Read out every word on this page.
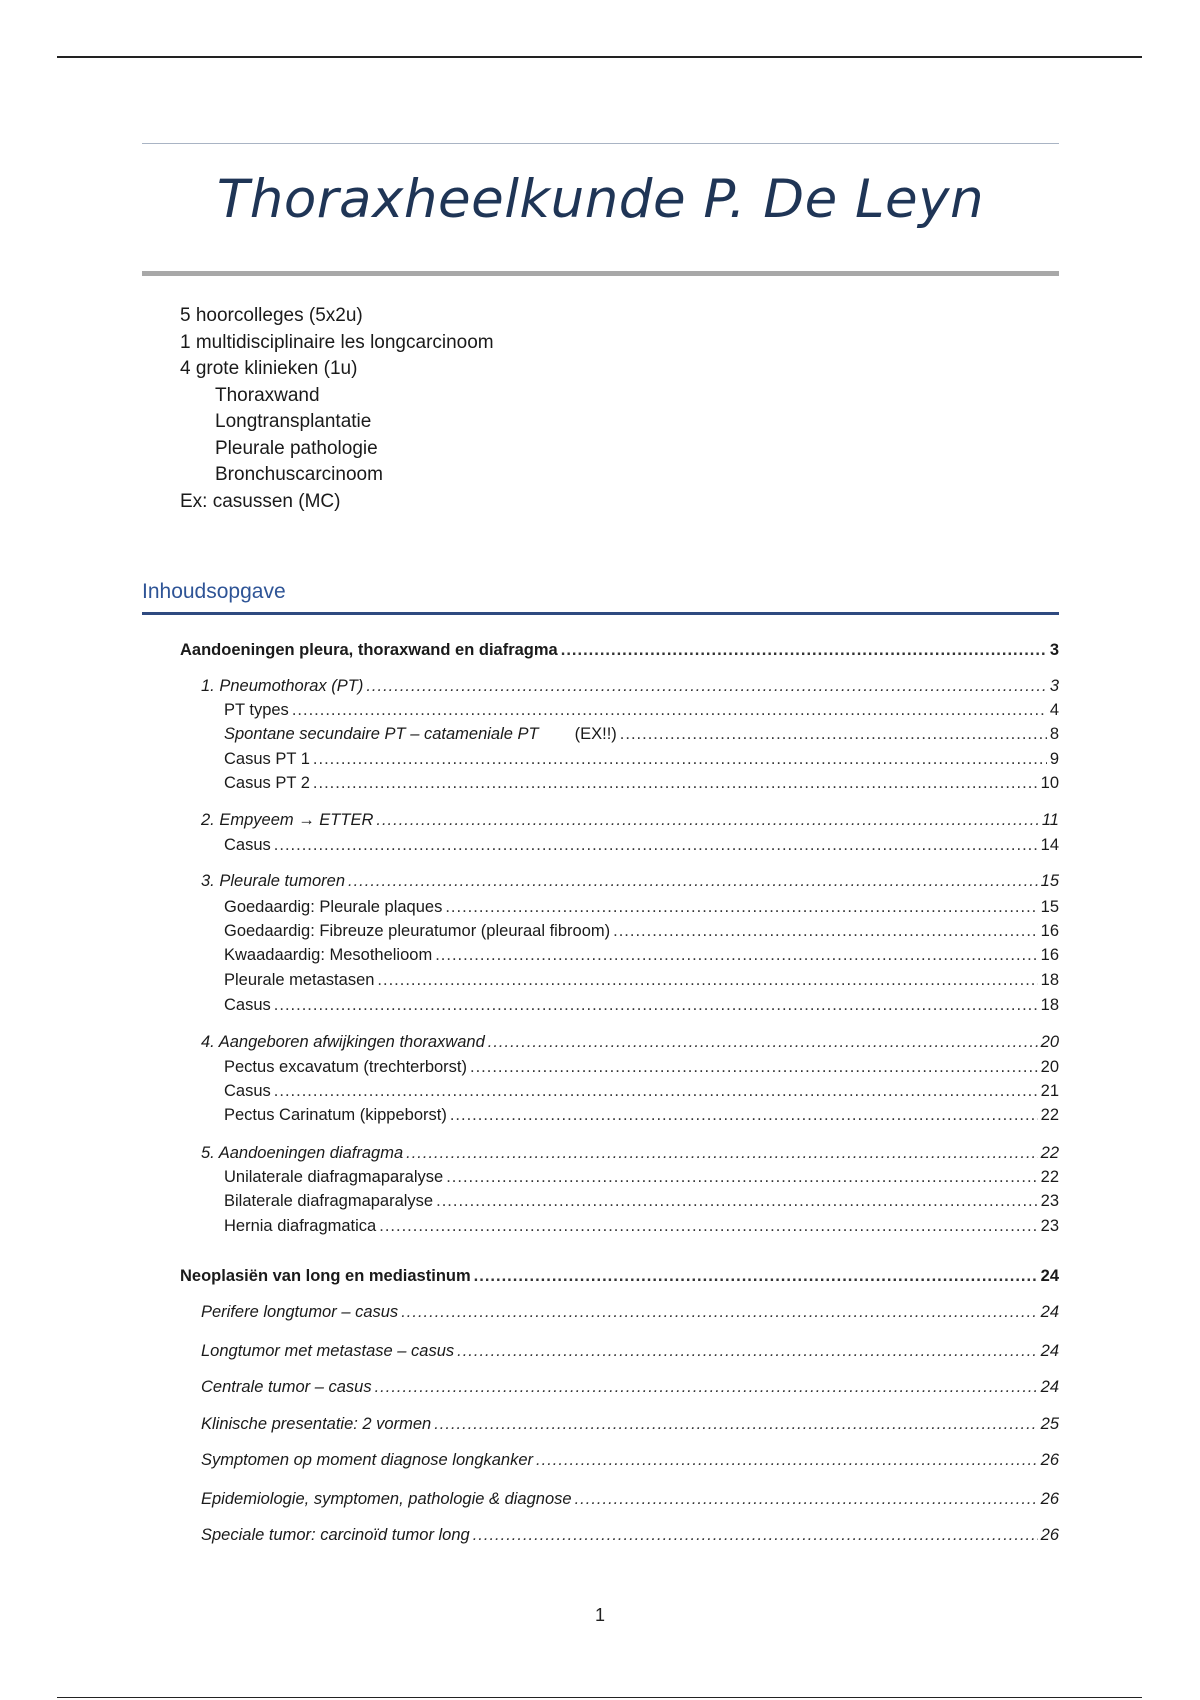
Thoraxheelkunde P. De Leyn
5 hoorcolleges (5x2u)
1 multidisciplinaire les longcarcinoom
4 grote klinieken (1u)
Thoraxwand
Longtransplantatie
Pleurale pathologie
Bronchuscarcinoom
Ex: casussen (MC)
Inhoudsopgave
Aandoeningen pleura, thoraxwand en diafragma .....	3
1. Pneumothorax (PT) .....	3
PT types .....	4
Spontane secundaire PT – catameniale PT (EX!!) .....	8
Casus PT 1 .....	9
Casus PT 2 .....	10
2. Empyeem → ETTER .....	11
Casus .....	14
3. Pleurale tumoren .....	15
Goedaardig: Pleurale plaques .....	15
Goedaardig: Fibreuze pleuratumor (pleuraal fibroom) .....	16
Kwaadaardig: Mesothelioom .....	16
Pleurale metastasen .....	18
Casus .....	18
4. Aangeboren afwijkingen thoraxwand .....	20
Pectus excavatum (trechterborst) .....	20
Casus .....	21
Pectus Carinatum (kippeborst) .....	22
5. Aandoeningen diafragma .....	22
Unilaterale diafragmaparalyse .....	22
Bilaterale diafragmaparalyse .....	23
Hernia diafragmatica .....	23
Neoplasiën van long en mediastinum .....	24
Perifere longtumor – casus .....	24
Longtumor met metastase – casus .....	24
Centrale tumor – casus .....	24
Klinische presentatie: 2 vormen .....	25
Symptomen op moment diagnose longkanker .....	26
Epidemiologie, symptomen, pathologie & diagnose .....	26
Speciale tumor: carcinoïd tumor long .....	26
1
